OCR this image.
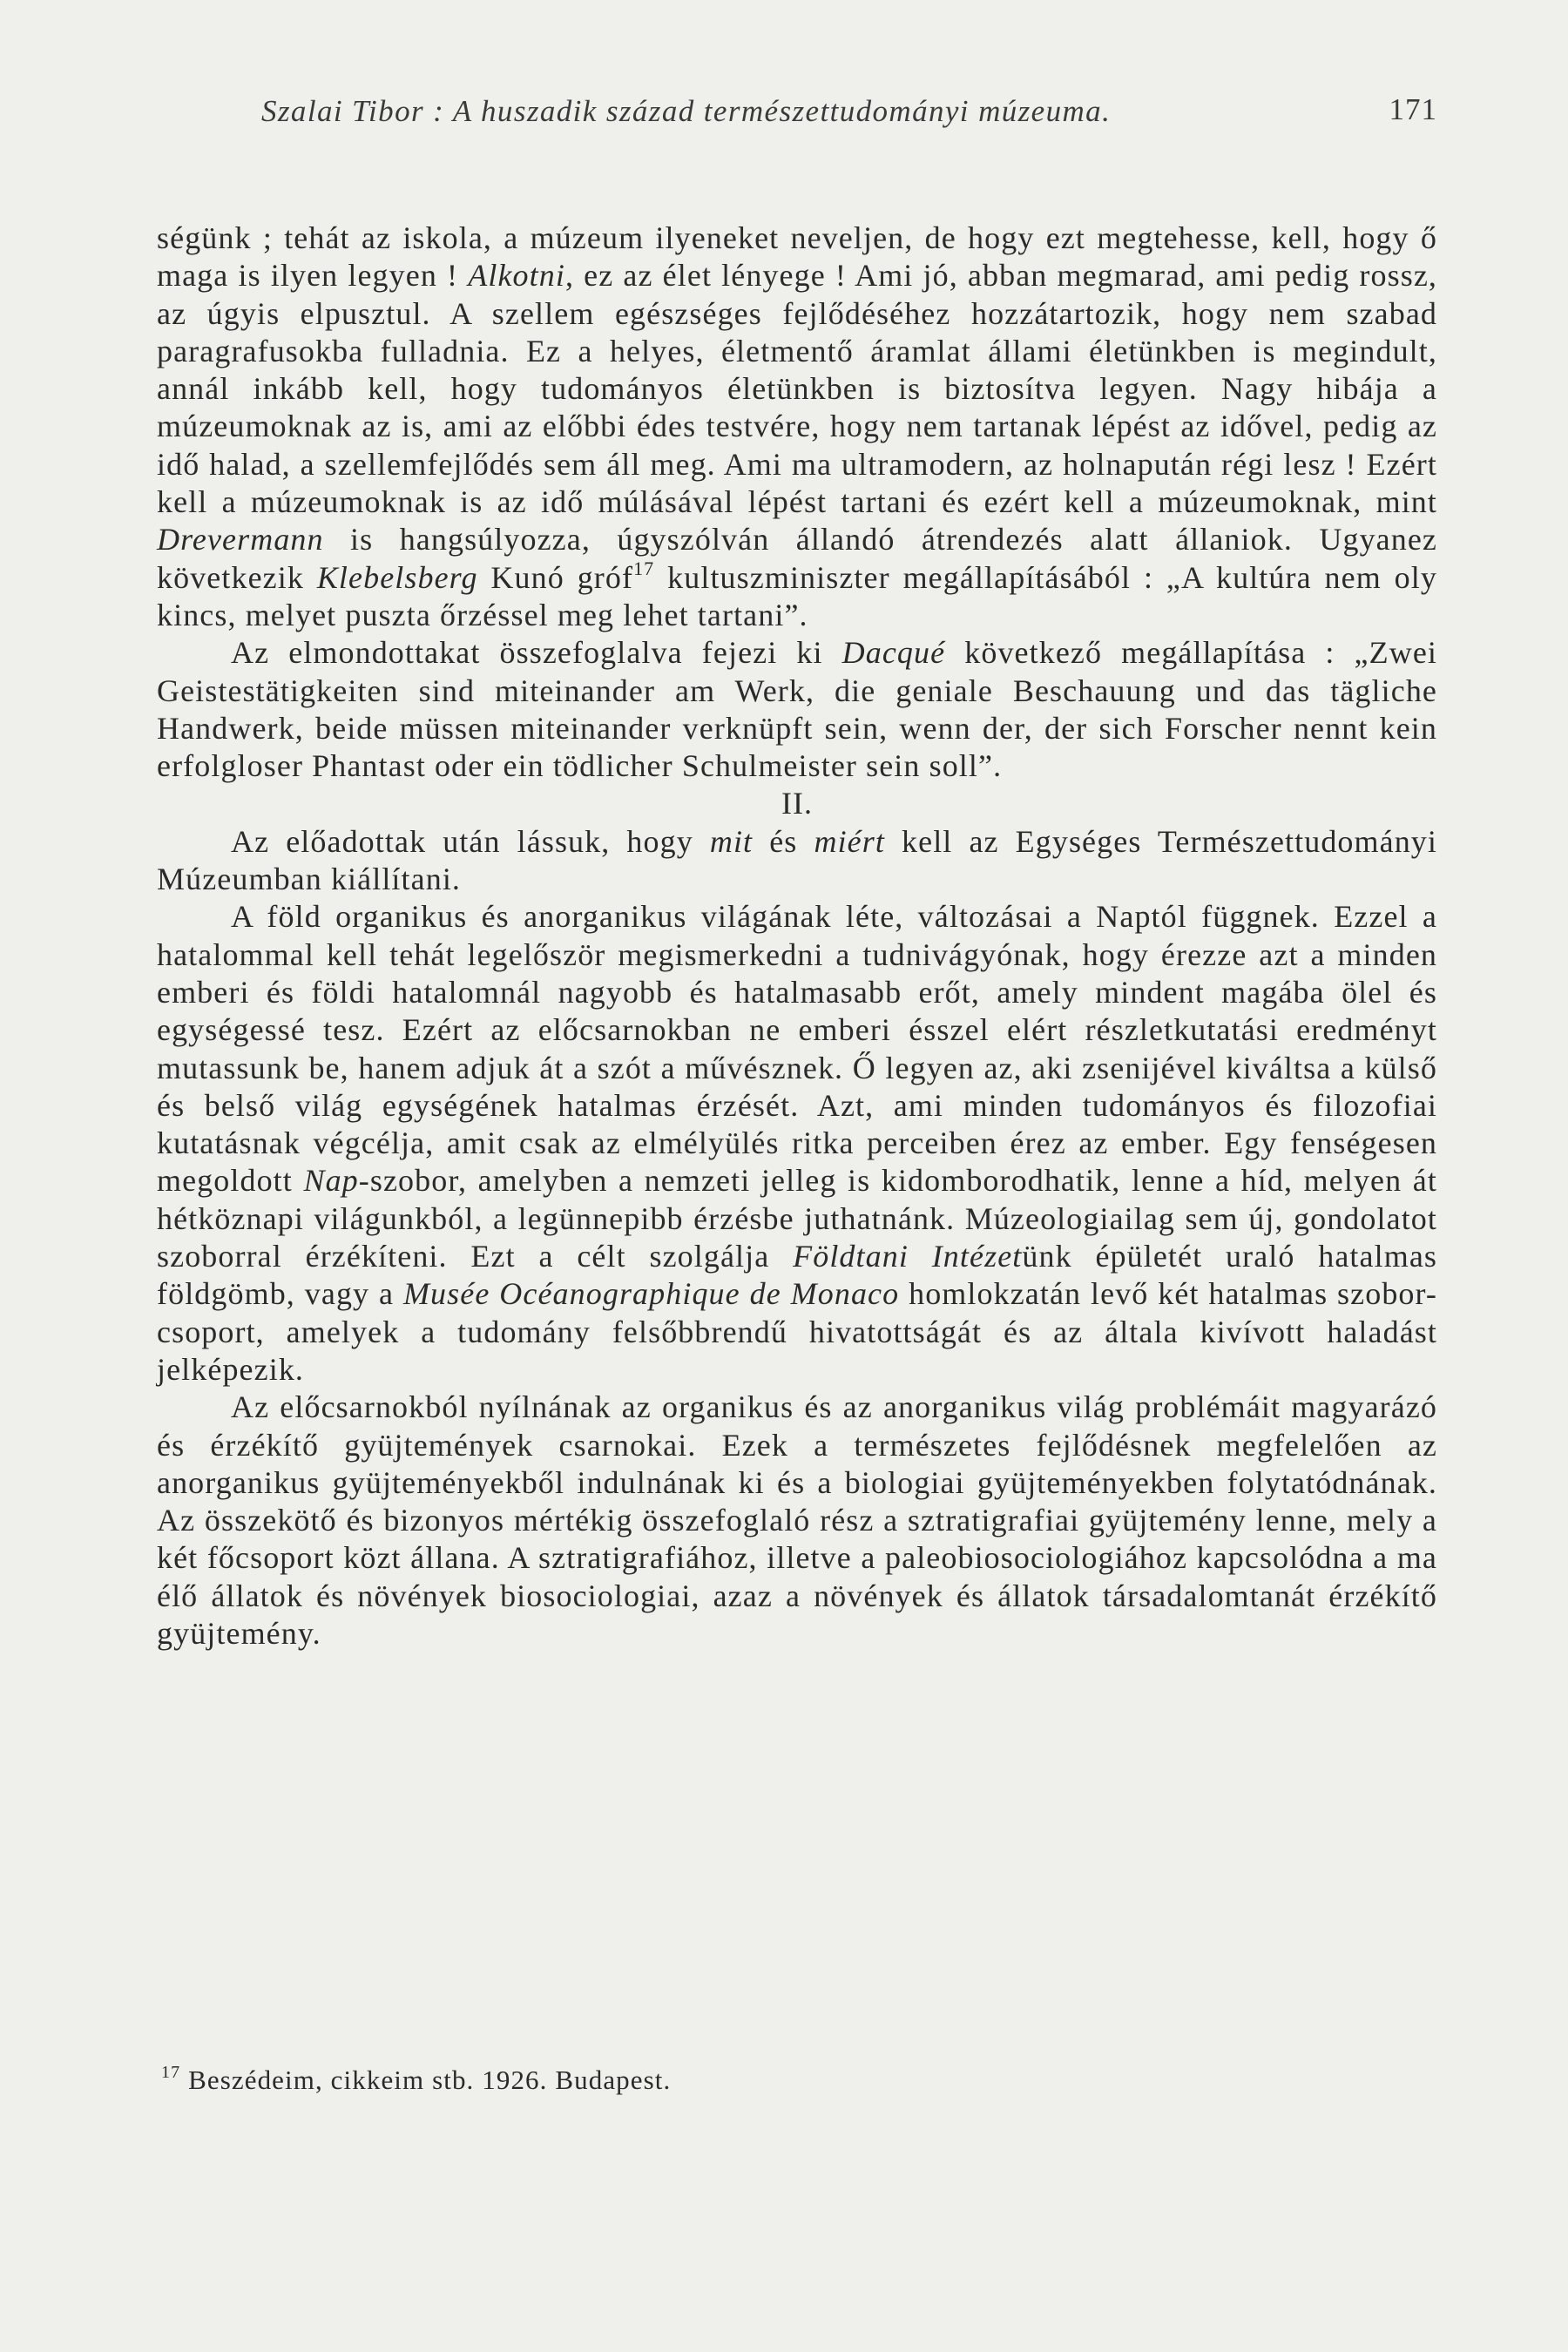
Szalai Tibor : A huszadik század természettudományi múzeuma.	171

ségünk ; tehát az iskola, a múzeum ilyeneket neveljen, de hogy ezt megtehesse, kell, hogy ő maga is ilyen legyen ! Alkotni, ez az élet lényege ! Ami jó, abban megmarad, ami pedig rossz, az úgyis elpusztul. A szellem egészséges fejlődéséhez hozzátartozik, hogy nem szabad paragrafusokba fulladnia. Ez a helyes, életmentő áramlat állami életünkben is megindult, annál inkább kell, hogy tudományos életünkben is biztosítva legyen. Nagy hibája a múzeumoknak az is, ami az előbbi édes testvére, hogy nem tartanak lépést az idővel, pedig az idő halad, a szellemfejlődés sem áll meg. Ami ma ultramodern, az holnapután régi lesz ! Ezért kell a múzeumoknak is az idő múlásával lépést tartani és ezért kell a múzeumoknak, mint Drevermann is hangsúlyozza, úgyszólván állandó átrendezés alatt állaniok. Ugyanez következik Klebelsberg Kunó gróf$^{17}$ kultuszminiszter megállapításából : „A kultúra nem oly kincs, melyet puszta őrzéssel meg lehet tartani”.

Az elmondottakat összefoglalva fejezi ki Dacqué következő megállapítása : „Zwei Geistestätigkeiten sind miteinander am Werk, die geniale Beschauung und das tägliche Handwerk, beide müssen miteinander verknüpft sein, wenn der, der sich Forscher nennt kein erfolgloser Phantast oder ein tödlicher Schulmeister sein soll”.

II.

Az előadottak után lássuk, hogy mit és miért kell az Egységes Természettudományi Múzeumban kiállítani.

A föld organikus és anorganikus világának léte, változásai a Naptól függnek. Ezzel a hatalommal kell tehát legelőször megismerkedni a tudnivágyónak, hogy érezze azt a minden emberi és földi hatalomnál nagyobb és hatalmasabb erőt, amely mindent magába ölel és egységessé tesz. Ezért az előcsarnokban ne emberi ésszel elért részletkutatási eredményt mutassunk be, hanem adjuk át a szót a művésznek. Ő legyen az, aki zsenijével kiváltsa a külső és belső világ egységének hatalmas érzését. Azt, ami minden tudományos és filozofiai kutatásnak végcélja, amit csak az elmélyülés ritka perceiben érez az ember. Egy fenségesen megoldott Nap-szobor, amelyben a nemzeti jelleg is kidomborodhatik, lenne a híd, melyen át hétköznapi világunkból, a legünnepibb érzésbe juthatnánk. Múzeologiailag sem új, gondolatot szoborral érzékíteni. Ezt a célt szolgálja Földtani Intézetünk épületét uraló hatalmas földgömb, vagy a Musée Océanographique de Monaco homlokzatán levő két hatalmas szobor-csoport, amelyek a tudomány felsőbbrendű hivatottságát és az általa kivívott haladást jelképezik.

Az előcsarnokból nyílnának az organikus és az anorganikus világ problémáit magyarázó és érzékítő gyüjtemények csarnokai. Ezek a természetes fejlődésnek megfelelően az anorganikus gyüjteményekből indulnának ki és a biologiai gyüjteményekben folytatódnának. Az összekötő és bizonyos mértékig összefoglaló rész a sztratigrafiai gyüjtemény lenne, mely a két főcsoport közt állana. A sztratigrafiához, illetve a paleobiosociologiához kapcsolódna a ma élő állatok és növények biosociologiai, azaz a növények és állatok társadalomtanát érzékítő gyüjtemény.

$^{17}$ Beszédeim, cikkeim stb. 1926. Budapest.
